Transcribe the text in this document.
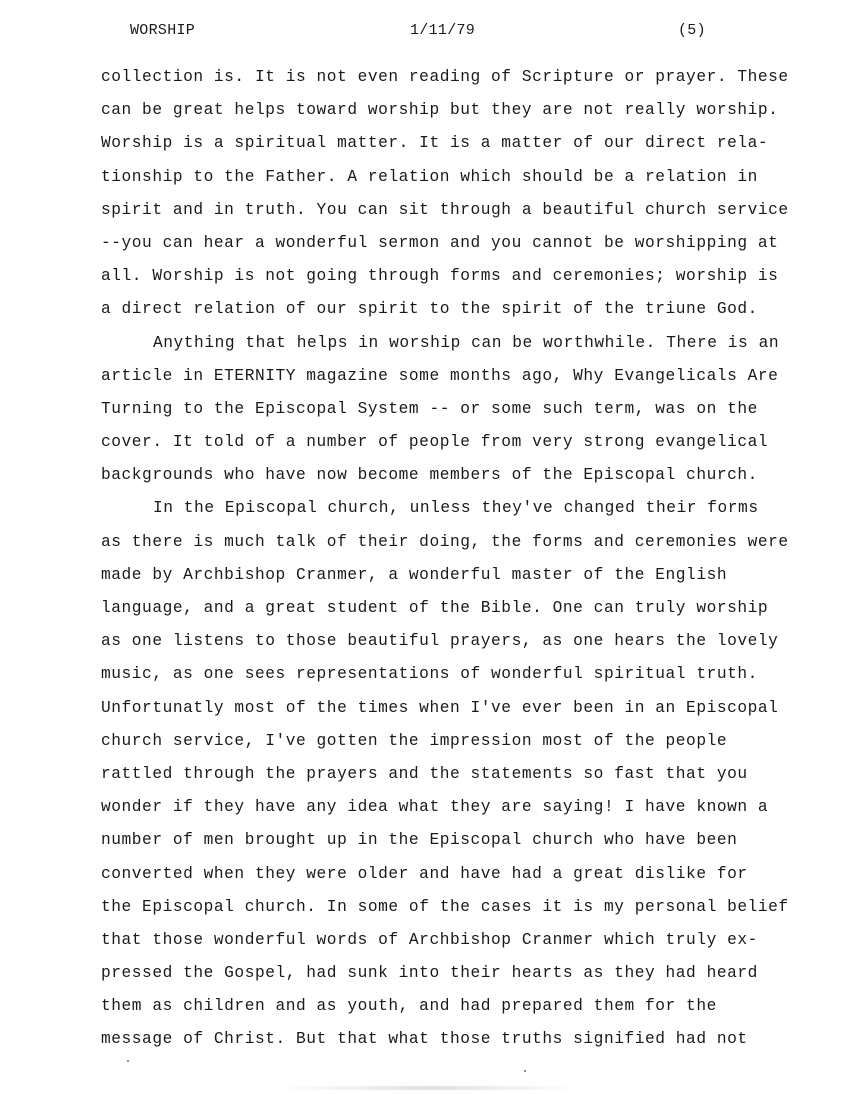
WORSHIP	1/11/79	(5)
collection is. It is not even reading of Scripture or prayer. These
can be great helps toward worship but they are not really worship.
Worship is a spiritual matter. It is a matter of our direct rela-
tionship to the Father. A relation which should be a relation in
spirit and in truth. You can sit through a beautiful church service
--you can hear a wonderful sermon and you cannot be worshipping at
all. Worship is not going through forms and ceremonies; worship is
a direct relation of our spirit to the spirit of the triune God.
Anything that helps in worship can be worthwhile. There is an
article in ETERNITY magazine some months ago, Why Evangelicals Are
Turning to the Episcopal System -- or some such term, was on the
cover. It told of a number of people from very strong evangelical
backgrounds who have now become members of the Episcopal church.
In the Episcopal church, unless they've changed their forms
as there is much talk of their doing, the forms and ceremonies were
made by Archbishop Cranmer, a wonderful master of the English
language, and a great student of the Bible. One can truly worship
as one listens to those beautiful prayers, as one hears the lovely
music, as one sees representations of wonderful spiritual truth.
Unfortunatly most of the times when I've ever been in an Episcopal
church service, I've gotten the impression most of the people
rattled through the prayers and the statements so fast that you
wonder if they have any idea what they are saying! I have known a
number of men brought up in the Episcopal church who have been
converted when they were older and have had a great dislike for
the Episcopal church. In some of the cases it is my personal belief
that those wonderful words of Archbishop Cranmer which truly ex-
pressed the Gospel, had sunk into their hearts as they had heard
them as children and as youth, and had prepared them for the
message of Christ. But that what those truths signified had not
